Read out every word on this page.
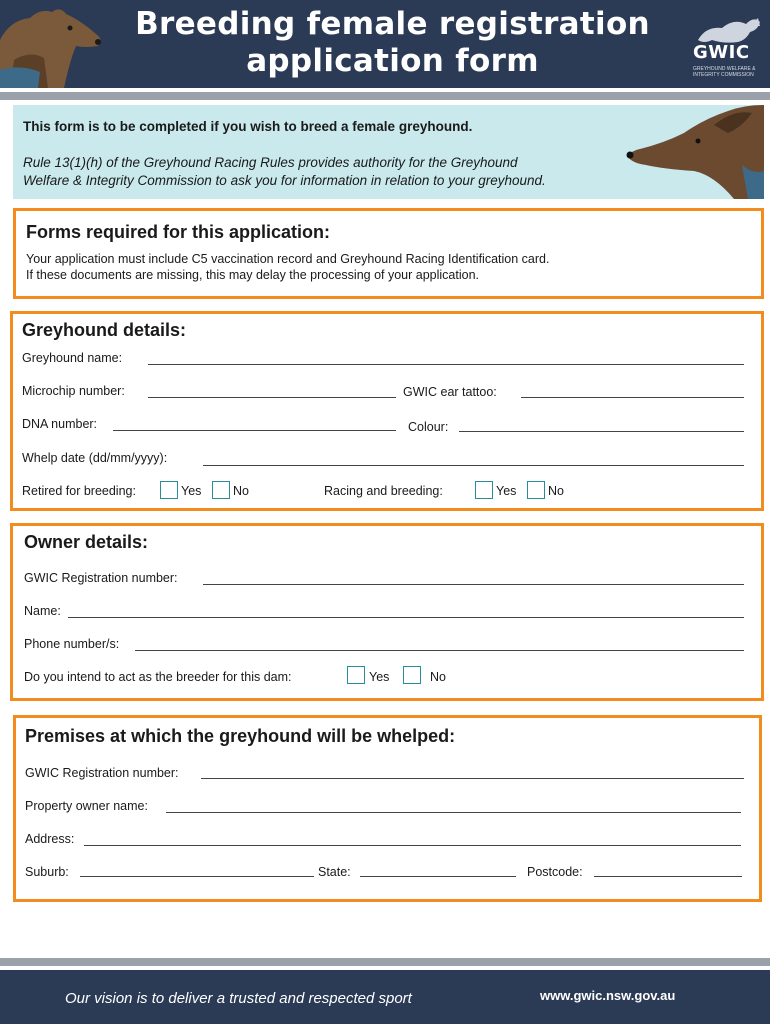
Breeding female registration
application form	GWIC
GREYHOUND WELFARE & INTEGRITY COMMISSION
This form is to be completed if you wish to breed a female greyhound.
Rule 13(1)(h) of the Greyhound Racing Rules provides authority for the Greyhound
Welfare & Integrity Commission to ask you for information in relation to your greyhound.
Forms required for this application:
Your application must include C5 vaccination record and Greyhound Racing Identification card.
If these documents are missing, this may delay the processing of your application.
Greyhound details:
Greyhound name:
Microchip number:	GWIC ear tattoo:
DNA number:	Colour:
Whelp date (dd/mm/yyyy):
Retired for breeding:	Yes	No	Racing and breeding:	Yes	No
Owner details:
GWIC Registration number:
Name:
Phone number/s:
Do you intend to act as the breeder for this dam:	Yes	No
Premises at which the greyhound will be whelped:
GWIC Registration number:
Property owner name:
Address:
Suburb:	State:	Postcode:
Our vision is to deliver a trusted and respected sport	www.gwic.nsw.gov.au
